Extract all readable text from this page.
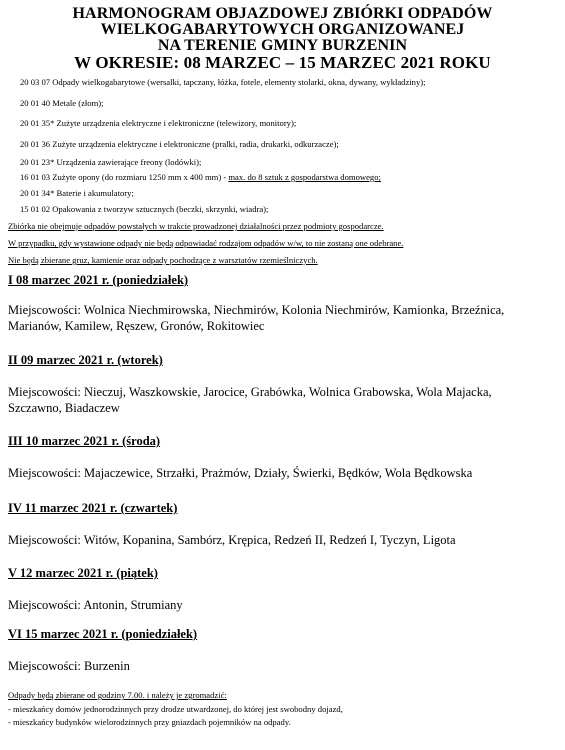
HARMONOGRAM OBJAZDOWEJ ZBIÓRKI ODPADÓW
WIELKOGABARYTOWYCH ORGANIZOWANEJ
NA TERENIE GMINY BURZENIN
W OKRESIE: 08 MARZEC – 15 MARZEC 2021 ROKU
20 03 07 Odpady wielkogabarytowe (wersalki, tapczany, łóżka, fotele, elementy stolarki, okna, dywany, wykładziny);
20 01 40 Metale (złom);
20 01 35* Zużyte urządzenia elektryczne i elektroniczne (telewizory, monitory);
20 01 36 Zużyte urządzenia elektryczne i elektroniczne (pralki, radia, drukarki, odkurzacze);
20 01 23* Urządzenia zawierające freony (lodówki);
16 01 03 Zużyte opony (do rozmiaru 1250 mm x 400 mm) - max. do 8 sztuk z gospodarstwa domowego;
20 01 34* Baterie i akumulatory;
15 01 02 Opakowania z tworzyw sztucznych (beczki, skrzynki, wiadra);
Zbiórka nie obejmuje odpadów powstałych w trakcie prowadzonej działalności przez podmioty gospodarcze.
W przypadku, gdy wystawione odpady nie będą odpowiadać rodzajom odpadów w/w, to nie zostaną one odebrane.
Nie będą zbierane gruz, kamienie oraz odpady pochodzące z warsztatów rzemieślniczych.
I 08 marzec 2021 r. (poniedziałek)
Miejscowości: Wolnica Niechmirowska, Niechmirów, Kolonia Niechmirów, Kamionka, Brzeźnica, Marianów, Kamilew, Ręszew, Gronów, Rokitowiec
II 09 marzec 2021 r. (wtorek)
Miejscowości: Nieczuj, Waszkowskie, Jarocice, Grabówka, Wolnica Grabowska, Wola Majacka, Szczawno, Biadaczew
III 10 marzec 2021 r. (środa)
Miejscowości: Majaczewice, Strzałki, Prażmów, Działy, Świerki, Będków, Wola Będkowska
IV 11 marzec 2021 r. (czwartek)
Miejscowości: Witów, Kopanina, Sambórz, Krępica, Redzeń II, Redzeń I, Tyczyn, Ligota
V 12 marzec 2021 r. (piątek)
Miejscowości: Antonin, Strumiany
VI 15 marzec 2021 r. (poniedziałek)
Miejscowości: Burzenin
Odpady będą zbierane od godziny 7.00. i należy je zgromadzić:
- mieszkańcy domów jednorodzinnych przy drodze utwardzonej, do której jest swobodny dojazd,
- mieszkańcy budynków wielorodzinnych przy gniazdach pojemników na odpady.
